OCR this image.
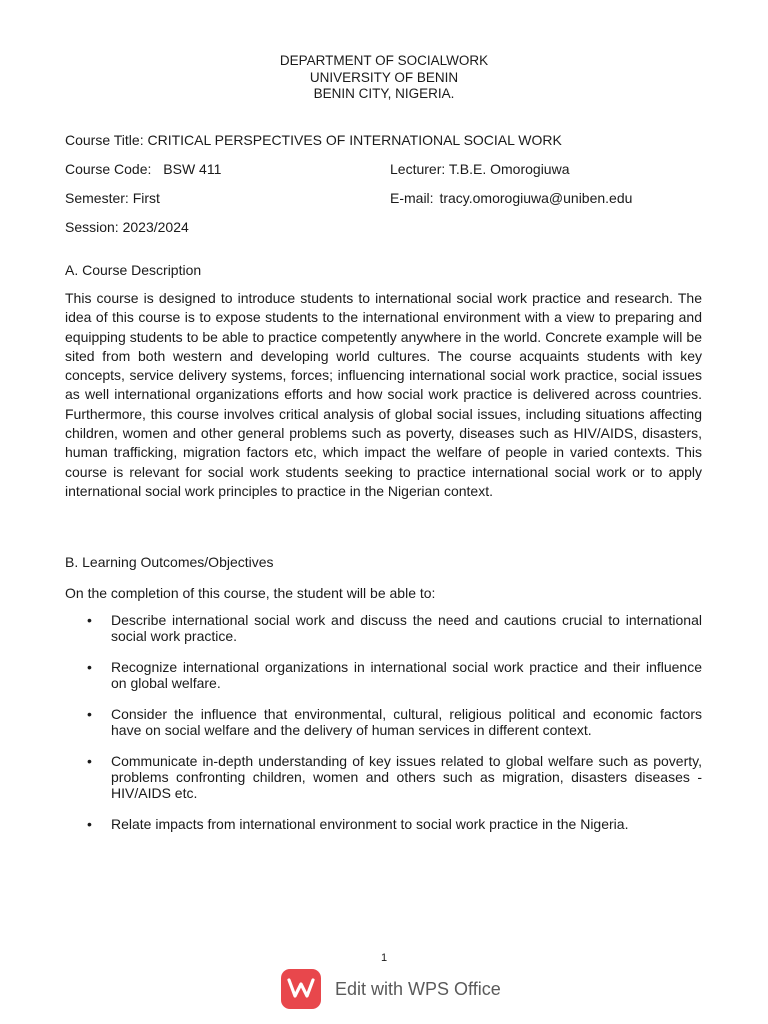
DEPARTMENT OF SOCIALWORK
UNIVERSITY OF BENIN
BENIN CITY, NIGERIA.
Course Title: CRITICAL PERSPECTIVES OF INTERNATIONAL SOCIAL WORK
Course Code: BSW 411	Lecturer: T.B.E. Omorogiuwa
Semester: First	E-mail: tracy.omorogiuwa@uniben.edu
Session: 2023/2024
A. Course Description
This course is designed to introduce students to international social work practice and research. The idea of this course is to expose students to the international environment with a view to preparing and equipping students to be able to practice competently anywhere in the world. Concrete example will be sited from both western and developing world cultures. The course acquaints students with key concepts, service delivery systems, forces; influencing international social work practice, social issues as well international organizations efforts and how social work practice is delivered across countries. Furthermore, this course involves critical analysis of global social issues, including situations affecting children, women and other general problems such as poverty, diseases such as HIV/AIDS, disasters, human trafficking, migration factors etc, which impact the welfare of people in varied contexts. This course is relevant for social work students seeking to practice international social work or to apply international social work principles to practice in the Nigerian context.
B. Learning Outcomes/Objectives
On the completion of this course, the student will be able to:
• Describe international social work and discuss the need and cautions crucial to international social work practice.
• Recognize international organizations in international social work practice and their influence on global welfare.
• Consider the influence that environmental, cultural, religious political and economic factors have on social welfare and the delivery of human services in different context.
• Communicate in-depth understanding of key issues related to global welfare such as poverty, problems confronting children, women and others such as migration, disasters diseases - HIV/AIDS etc.
• Relate impacts from international environment to social work practice in the Nigeria.
1
Edit with WPS Office
